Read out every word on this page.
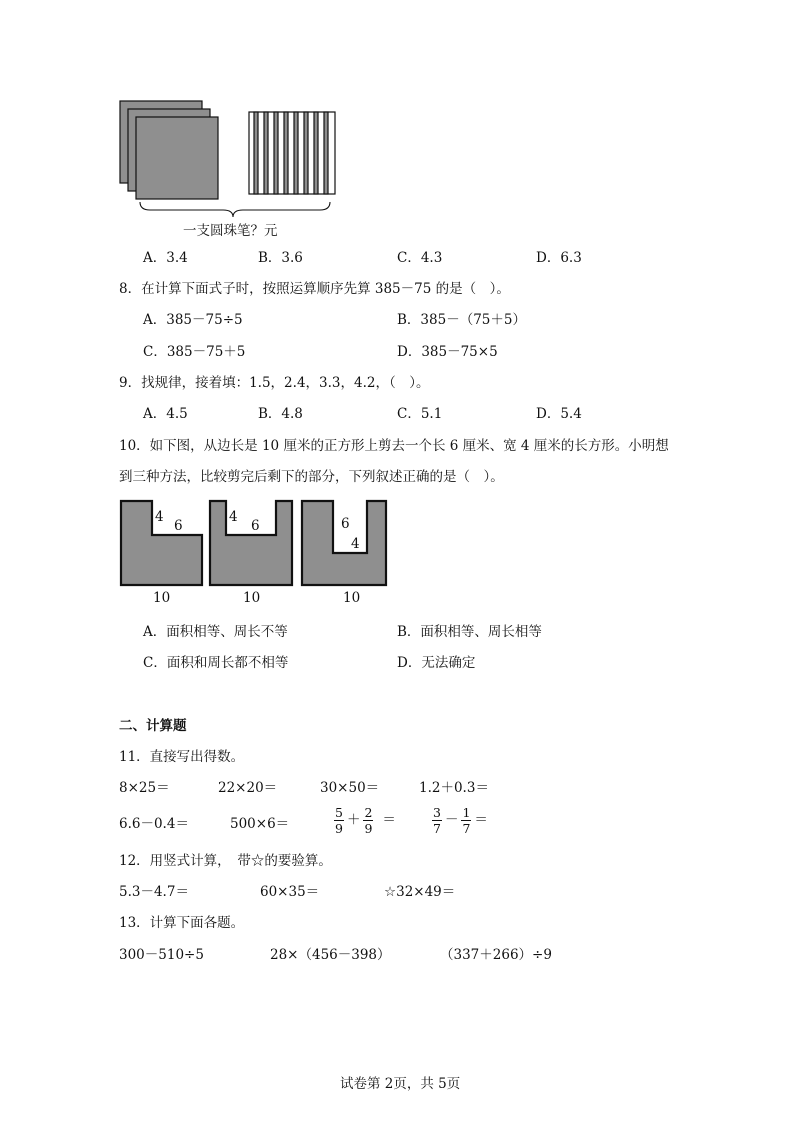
一支圆珠笔？元
A．3.4	B．3.6	C．4.3	D．6.3
8．在计算下面式子时，按照运算顺序先算 385－75 的是（　）。
A．385－75÷5	B．385－（75＋5）
C．385－75＋5	D．385－75×5
9．找规律，接着填：1.5，2.4，3.3，4.2，（　）。
A．4.5	B．4.8	C．5.1	D．5.4
10．如下图，从边长是 10 厘米的正方形上剪去一个长 6 厘米、宽 4 厘米的长方形。小明想
到三种方法，比较剪完后剩下的部分，下列叙述正确的是（　）。
4
6
4
6	6
4
10	10	10
A．面积相等、周长不等	B．面积相等、周长相等
C．面积和周长都不相等	D．无法确定
二、计算题
11．直接写出得数。
8×25＝	22×20＝	30×50＝	1.2＋0.3＝
6.6－0.4＝	500×6＝	$\frac{5}{9} + \frac{2}{9}$ ＝	$\frac{3}{7} - \frac{1}{7}$ ＝
12．用竖式计算，　带☆的要验算。
5.3－4.7＝	60×35＝	☆32×49＝
13．计算下面各题。
300－510÷5	28×（456－398）	（337＋266）÷9
试卷第 2页，共 5页
